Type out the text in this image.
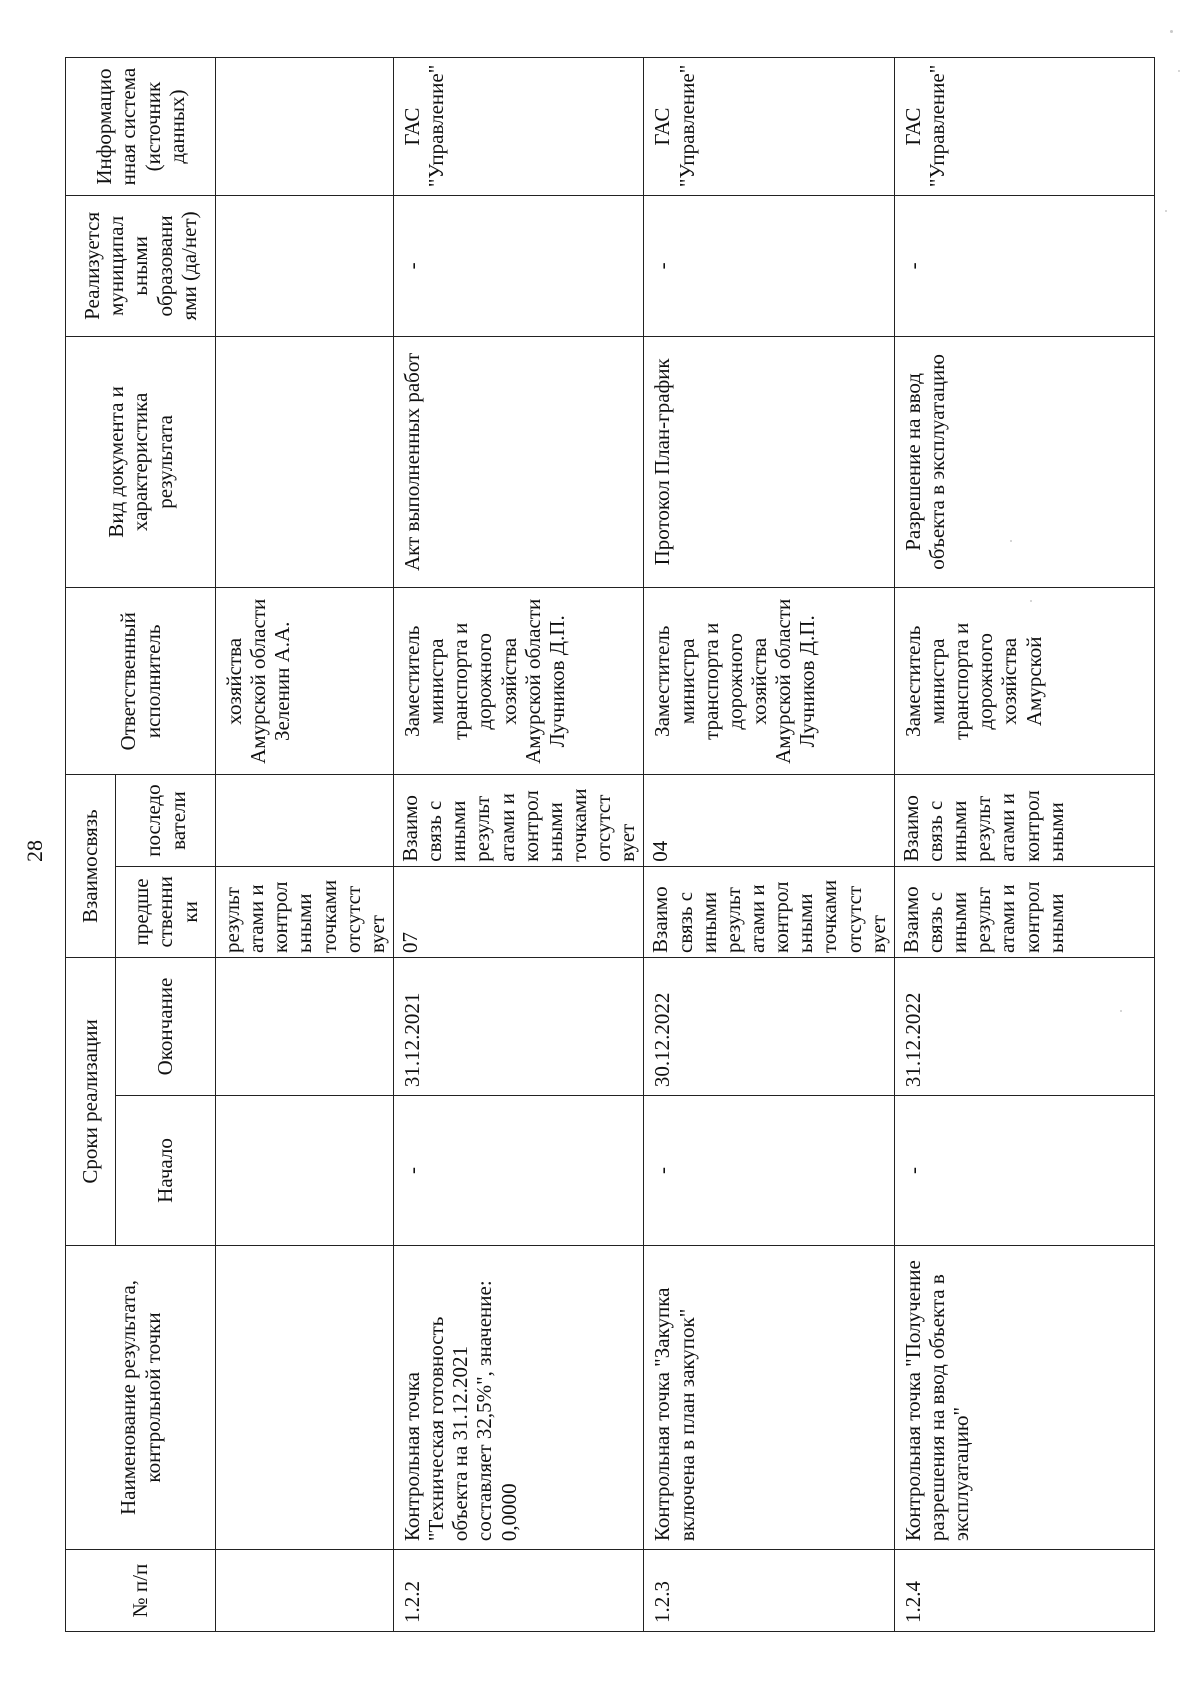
28
№ п/п	Наименование результата, контрольной точки	Сроки реализации		Взаимосвязь		Ответственный исполнитель	Вид документа и характеристика результата	Реализуется муниципал ьными образовани ями (да/нет)	Информацио нная система (источник данных)
		Начало	Окончание	предше ственни ки	последо ватели				
				результ атами и контрол ьными точками отсутст вует		хозяйства Амурской области Зеленин А.А.			
1.2.2	Контрольная точка "Техническая готовность объекта на 31.12.2021 составляет 32,5%", значение: 0,0000	-	31.12.2021	07	Взаимо связь с иными результ атами и контрол ьными точками отсутст вует	Заместитель министра транспорта и дорожного хозяйства Амурской области Лучников Д.П.	Акт выполненных работ	-	ГАС "Управление"
1.2.3	Контрольная точка "Закупка включена в план закупок"	-	30.12.2022	Взаимо связь с иными результ атами и контрол ьными точками отсутст вует	04	Заместитель министра транспорта и дорожного хозяйства Амурской области Лучников Д.П.	Протокол План-график	-	ГАС "Управление"
1.2.4	Контрольная точка "Получение разрешения на ввод объекта в эксплуатацию"	-	31.12.2022	Взаимо связь с иными результ атами и контрол ьными	Взаимо связь с иными результ атами и контрол ьными	Заместитель министра транспорта и дорожного хозяйства Амурской	Разрешение на ввод объекта в эксплуатацию	-	ГАС "Управление"
